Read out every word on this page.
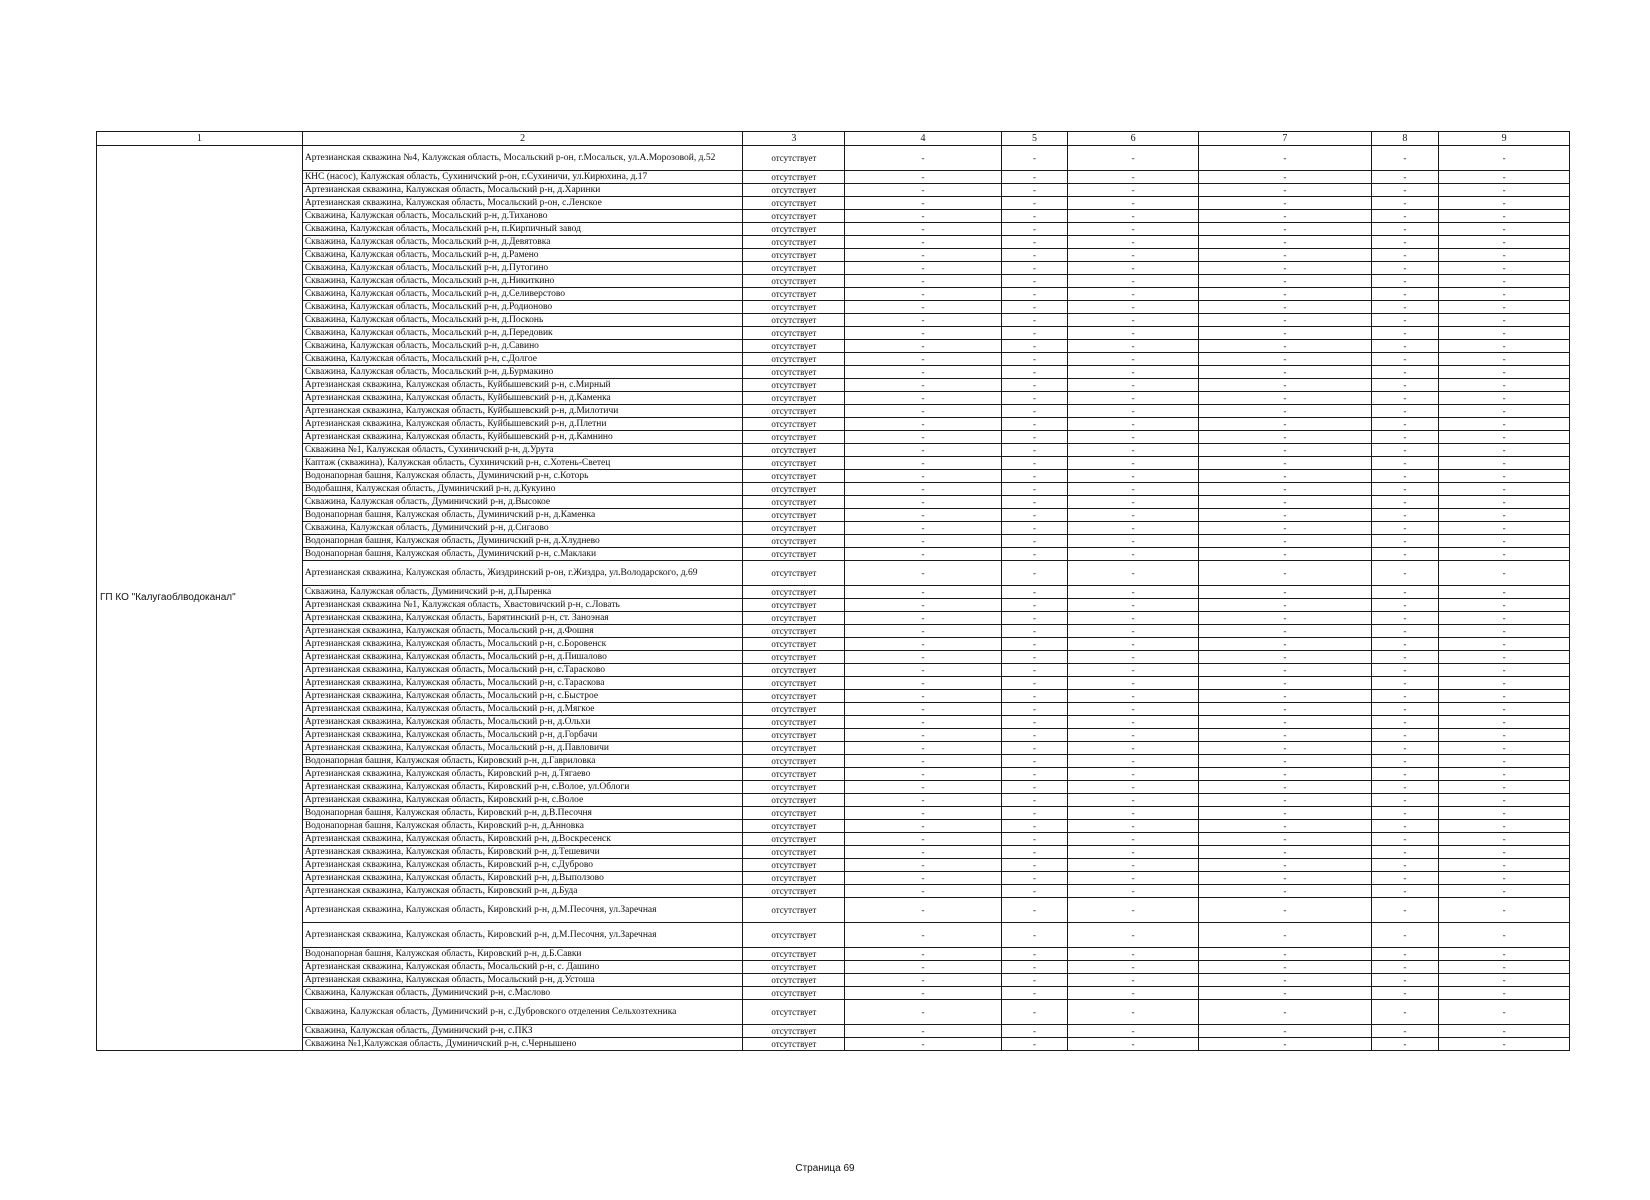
1	2	3	4	5	6	7	8	9
ГП КО "Калугаоблводоканал"	Артезианская скважина №4, Калужская область, Мосальский р-он, г.Мосальск, ул.А.Морозовой, д.52	отсутствует	-	-	-	-	-	-
	КНС (насос), Калужская область, Сухиничский р-он, г.Сухиничи, ул.Кирюхина, д.17	отсутствует	-	-	-	-	-	-
	Артезианская скважина, Калужская область, Мосальский р-н, д.Харинки	отсутствует	-	-	-	-	-	-
	Артезианская скважина, Калужская область, Мосальский р-он, с.Ленское	отсутствует	-	-	-	-	-	-
	Скважина, Калужская область, Мосальский р-н, д.Тиханово	отсутствует	-	-	-	-	-	-
	Скважина, Калужская область, Мосальский р-н, п.Кирпичный завод	отсутствует	-	-	-	-	-	-
	Скважина, Калужская область, Мосальский р-н, д.Девятовка	отсутствует	-	-	-	-	-	-
	Скважина, Калужская область, Мосальский р-н, д.Рамено	отсутствует	-	-	-	-	-	-
	Скважина, Калужская область, Мосальский р-н, д.Путогино	отсутствует	-	-	-	-	-	-
	Скважина, Калужская область, Мосальский р-н, д.Никиткино	отсутствует	-	-	-	-	-	-
	Скважина, Калужская область, Мосальский р-н, д.Селиверстово	отсутствует	-	-	-	-	-	-
	Скважина, Калужская область, Мосальский р-н, д.Родионово	отсутствует	-	-	-	-	-	-
	Скважина, Калужская область, Мосальский р-н, д.Посконь	отсутствует	-	-	-	-	-	-
	Скважина, Калужская область, Мосальский р-н, д.Передовик	отсутствует	-	-	-	-	-	-
	Скважина, Калужская область, Мосальский р-н, д.Савино	отсутствует	-	-	-	-	-	-
	Скважина, Калужская область, Мосальский р-н, с.Долгое	отсутствует	-	-	-	-	-	-
	Скважина, Калужская область, Мосальский р-н, д.Бурмакино	отсутствует	-	-	-	-	-	-
	Артезианская скважина, Калужская область, Куйбышевский р-н, с.Мирный	отсутствует	-	-	-	-	-	-
	Артезианская скважина, Калужская область, Куйбышевский р-н, д.Каменка	отсутствует	-	-	-	-	-	-
	Артезианская скважина, Калужская область, Куйбышевский р-н, д.Милотичи	отсутствует	-	-	-	-	-	-
	Артезианская скважина, Калужская область, Куйбышевский р-н, д.Плетни	отсутствует	-	-	-	-	-	-
	Артезианская скважина, Калужская область, Куйбышевский р-н, д.Камнино	отсутствует	-	-	-	-	-	-
	Скважина №1, Калужская область, Сухиничский р-н, д.Урута	отсутствует	-	-	-	-	-	-
	Каптаж (скважина), Калужская область, Сухиничский р-н, с.Хотень-Светец	отсутствует	-	-	-	-	-	-
	Водонапорная башня, Калужская область, Думиничский р-н, с.Которь	отсутствует	-	-	-	-	-	-
	Водобашня, Калужская область, Думиничский р-н, д.Кукуино	отсутствует	-	-	-	-	-	-
	Скважина, Калужская область, Думиничский р-н, д.Высокое	отсутствует	-	-	-	-	-	-
	Водонапорная башня, Калужская область, Думиничский р-н, д.Каменка	отсутствует	-	-	-	-	-	-
	Скважина, Калужская область, Думиничский р-н, д.Сигаово	отсутствует	-	-	-	-	-	-
	Водонапорная башня, Калужская область, Думиничский р-н, д.Хлуднево	отсутствует	-	-	-	-	-	-
	Водонапорная башня, Калужская область, Думиничский р-н, с.Маклаки	отсутствует	-	-	-	-	-	-
	Артезианская скважина, Калужская область, Жиздринский р-он, г.Жиздра, ул.Володарского, д.69	отсутствует	-	-	-	-	-	-
	Скважина, Калужская область, Думиничский р-н, д.Пыренка	отсутствует	-	-	-	-	-	-
	Артезианская скважина №1, Калужская область, Хвастовичский р-н, с.Ловать	отсутствует	-	-	-	-	-	-
	Артезианская скважина, Калужская область, Барятинский р-н, ст. Заноэная	отсутствует	-	-	-	-	-	-
	Артезианская скважина, Калужская область, Мосальский р-н, д.Фошня	отсутствует	-	-	-	-	-	-
	Артезианская скважина, Калужская область, Мосальский р-н, с.Боровенск	отсутствует	-	-	-	-	-	-
	Артезианская скважина, Калужская область, Мосальский р-н, д.Пишалово	отсутствует	-	-	-	-	-	-
	Артезианская скважина, Калужская область, Мосальский р-н, с.Тарасково	отсутствует	-	-	-	-	-	-
	Артезианская скважина, Калужская область, Мосальский р-н, с.Тараскова	отсутствует	-	-	-	-	-	-
	Артезианская скважина, Калужская область, Мосальский р-н, с.Быстрое	отсутствует	-	-	-	-	-	-
	Артезианская скважина, Калужская область, Мосальский р-н, д.Мягкое	отсутствует	-	-	-	-	-	-
	Артезианская скважина, Калужская область, Мосальский р-н, д.Ольхи	отсутствует	-	-	-	-	-	-
	Артезианская скважина, Калужская область, Мосальский р-н, д.Горбачи	отсутствует	-	-	-	-	-	-
	Артезианская скважина, Калужская область, Мосальский р-н, д.Павловичи	отсутствует	-	-	-	-	-	-
	Водонапорная башня, Калужская область, Кировский р-н, д.Гавриловка	отсутствует	-	-	-	-	-	-
	Артезианская скважина, Калужская область, Кировский р-н, д.Тягаево	отсутствует	-	-	-	-	-	-
	Артезианская скважина, Калужская область, Кировский р-н, с.Волое, ул.Облоги	отсутствует	-	-	-	-	-	-
	Артезианская скважина, Калужская область, Кировский р-н, с.Волое	отсутствует	-	-	-	-	-	-
	Водонапорная башня, Калужская область, Кировский р-н, д.В.Песочня	отсутствует	-	-	-	-	-	-
	Водонапорная башня, Калужская область, Кировский р-н, д.Анновка	отсутствует	-	-	-	-	-	-
	Артезианская скважина, Калужская область, Кировский р-н, д.Воскресенск	отсутствует	-	-	-	-	-	-
	Артезианская скважина, Калужская область, Кировский р-н, д.Тешевичи	отсутствует	-	-	-	-	-	-
	Артезианская скважина, Калужская область, Кировский р-н, с.Дуброво	отсутствует	-	-	-	-	-	-
	Артезианская скважина, Калужская область, Кировский р-н, д.Выползово	отсутствует	-	-	-	-	-	-
	Артезианская скважина, Калужская область, Кировский р-н, д.Буда	отсутствует	-	-	-	-	-	-
	Артезианская скважина, Калужская область, Кировский р-н, д.М.Песочня, ул.Заречная	отсутствует	-	-	-	-	-	-
	Артезианская скважина, Калужская область, Кировский р-н, д.М.Песочня, ул.Заречная	отсутствует	-	-	-	-	-	-
	Водонапорная башня, Калужская область, Кировский р-н, д.Б.Савки	отсутствует	-	-	-	-	-	-
	Артезианская скважина, Калужская область, Мосальский р-н, с. Дашино	отсутствует	-	-	-	-	-	-
	Артезианская скважина, Калужская область, Мосальский р-н, д.Устоша	отсутствует	-	-	-	-	-	-
	Скважина, Калужская область, Думиничский р-н, с.Маслово	отсутствует	-	-	-	-	-	-
	Скважина, Калужская область, Думиничский р-н, с.Дубровского отделения Сельхозтехника	отсутствует	-	-	-	-	-	-
	Скважина, Калужская область, Думиничский р-н, с.ПКЗ	отсутствует	-	-	-	-	-	-
	Скважина №1,Калужская область, Думиничский р-н, с.Чернышено	отсутствует	-	-	-	-	-	-
Страница 69
